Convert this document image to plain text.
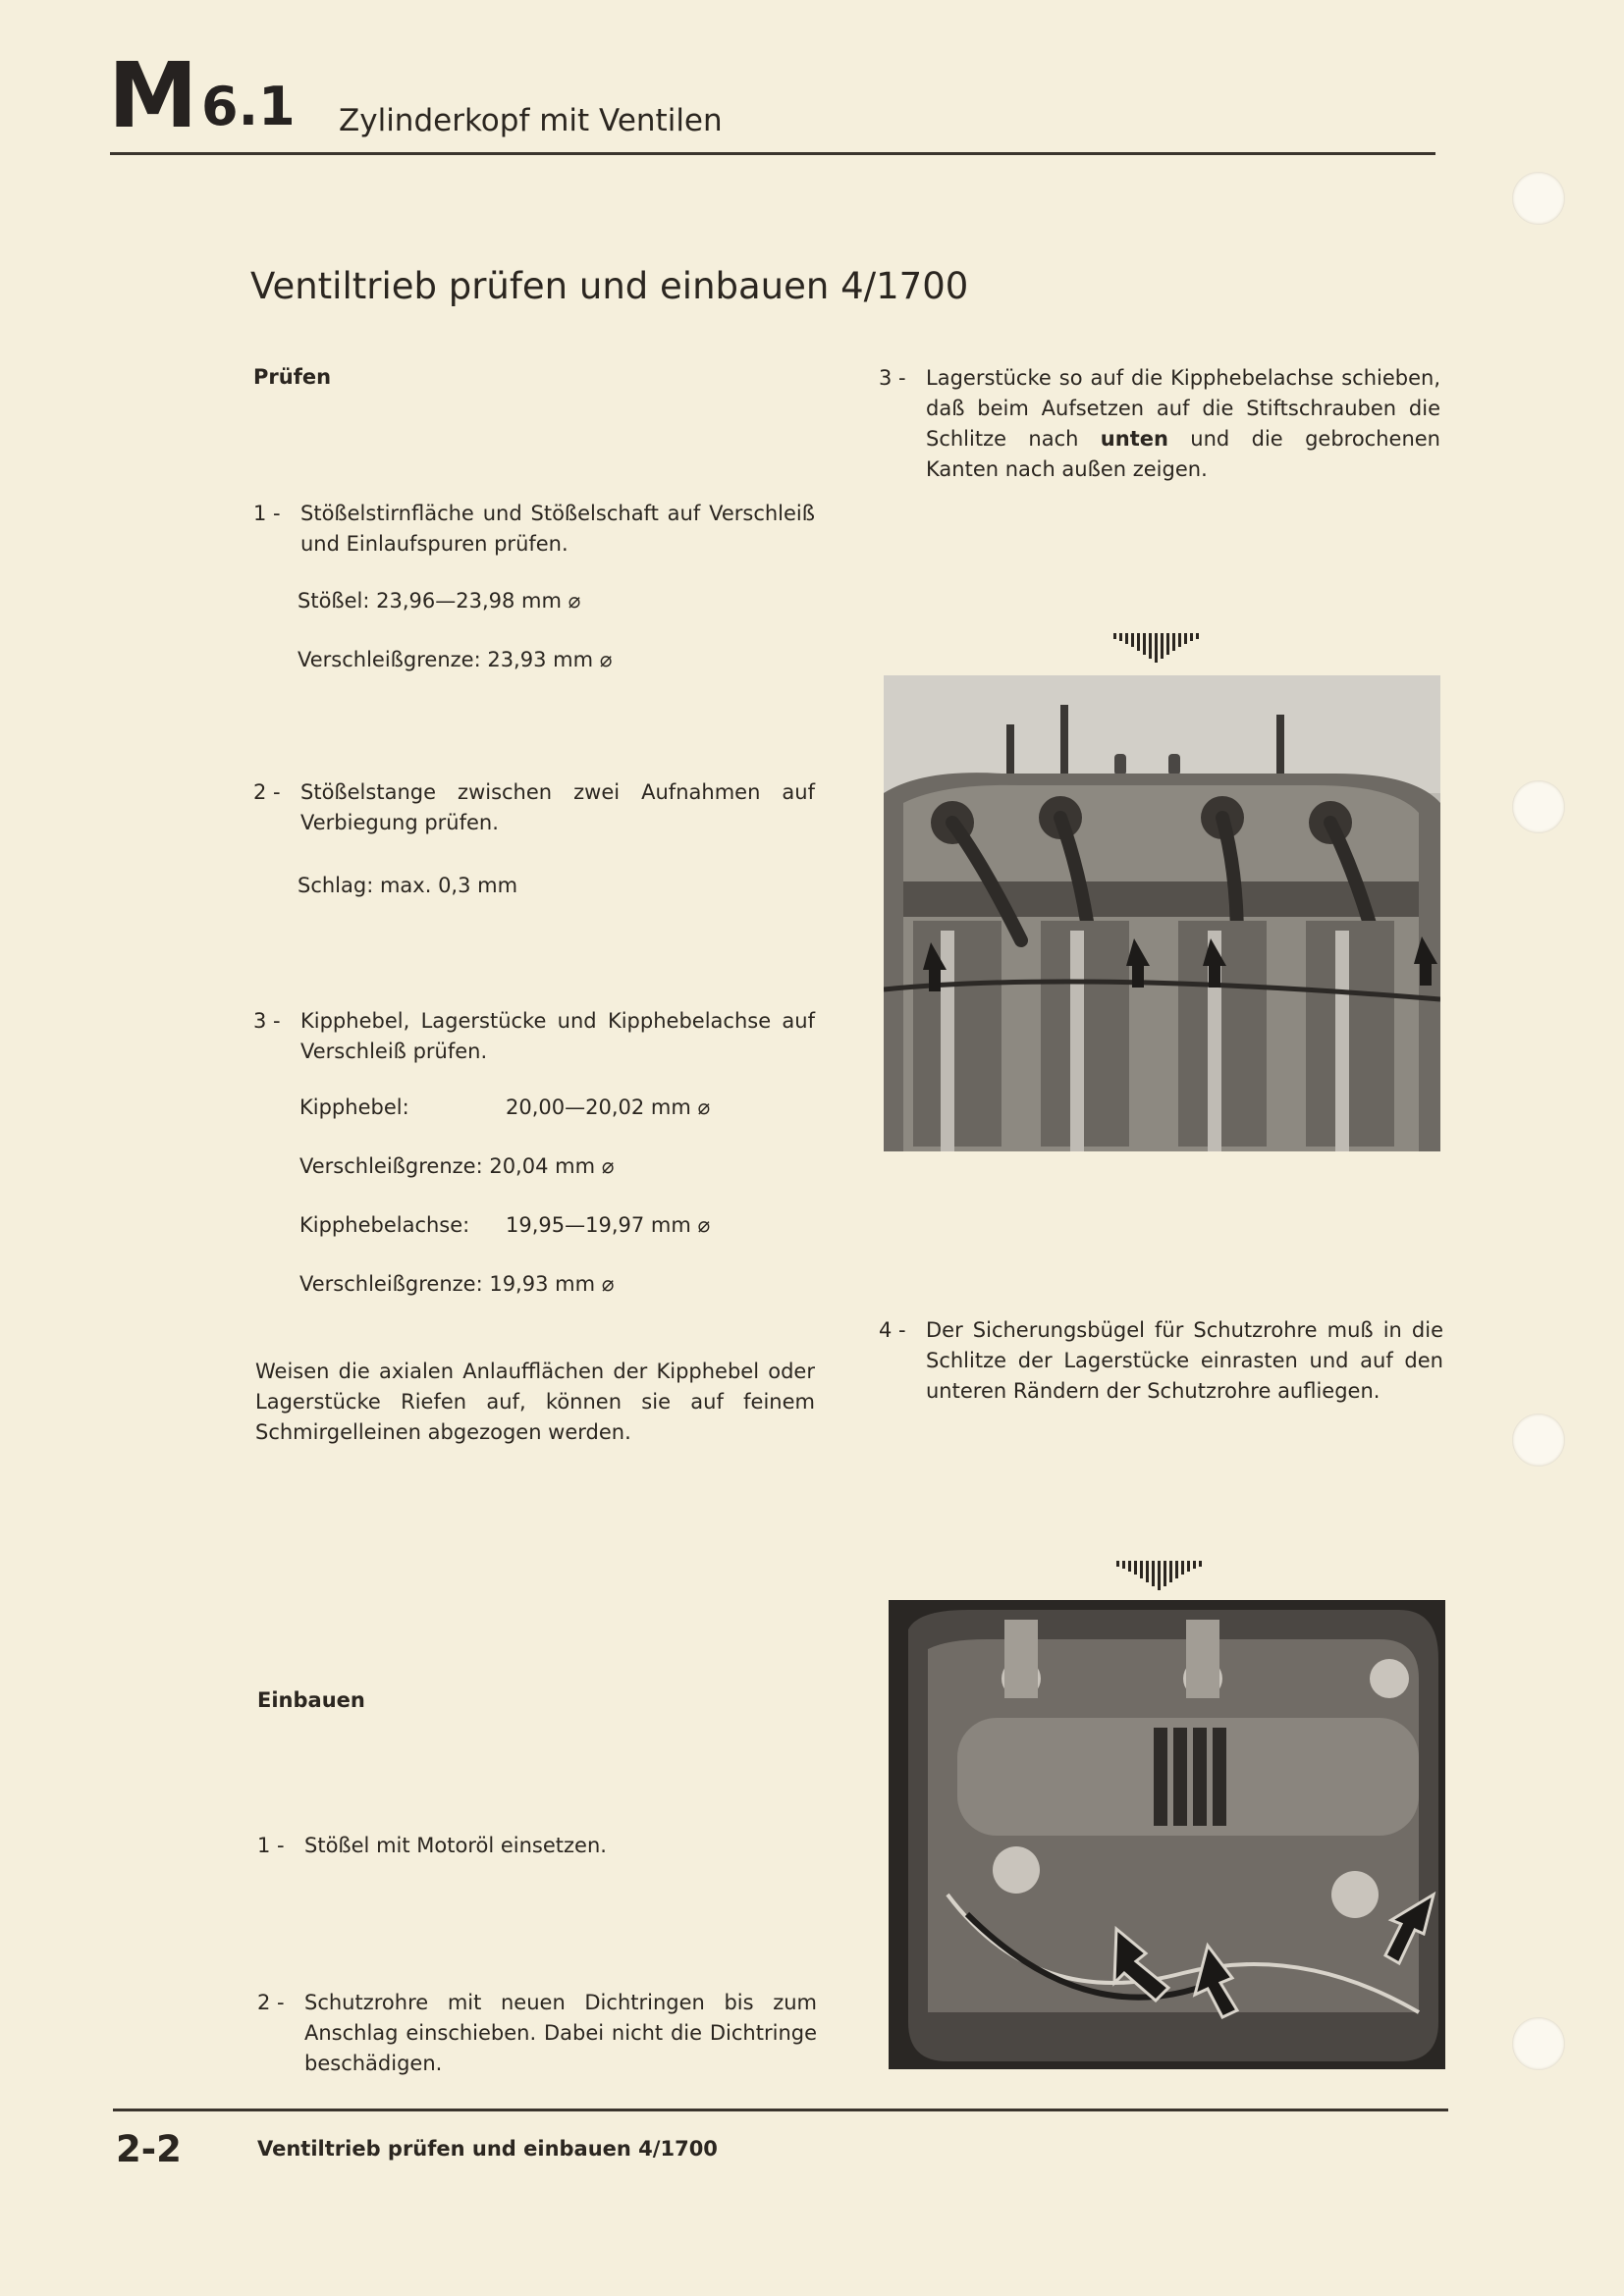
M 6.1 Zylinderkopf mit Ventilen
Ventiltrieb prüfen und einbauen 4/1700
Prüfen
1 - Stößelstirnfläche und Stößelschaft auf Verschleiß und Einlaufspuren prüfen.
Stößel: 23,96—23,98 mm ⌀
Verschleißgrenze: 23,93 mm ⌀
2 - Stößelstange zwischen zwei Aufnahmen auf Verbiegung prüfen.
Schlag: max. 0,3 mm
3 - Kipphebel, Lagerstücke und Kipphebelachse auf Verschleiß prüfen.
Kipphebel:	20,00—20,02 mm ⌀
Verschleißgrenze: 20,04 mm ⌀
Kipphebelachse: 19,95—19,97 mm ⌀
Verschleißgrenze: 19,93 mm ⌀
Weisen die axialen Anlaufflächen der Kipphebel oder Lagerstücke Riefen auf, können sie auf feinem Schmirgelleinen abgezogen werden.
Einbauen
1 - Stößel mit Motoröl einsetzen.
2 - Schutzrohre mit neuen Dichtringen bis zum Anschlag einschieben. Dabei nicht die Dichtringe beschädigen.
3 - Lagerstücke so auf die Kipphebelachse schieben, daß beim Aufsetzen auf die Stiftschrauben die Schlitze nach unten und die gebrochenen Kanten nach außen zeigen.
4 - Der Sicherungsbügel für Schutzrohre muß in die Schlitze der Lagerstücke einrasten und auf den unteren Rändern der Schutzrohre aufliegen.
2-2	Ventiltrieb prüfen und einbauen 4/1700
